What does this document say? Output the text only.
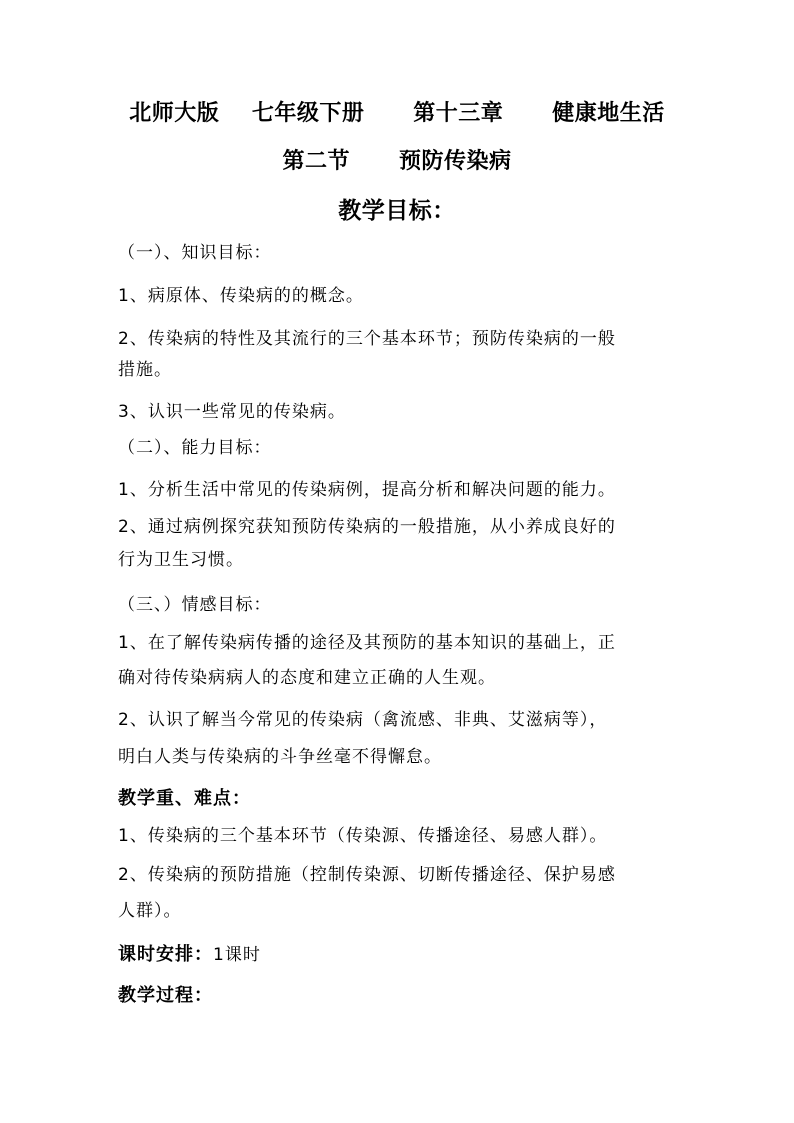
北师大版    七年级下册      第十三章      健康地生活
第二节      预防传染病
教学目标：
（一）、知识目标：
1、病原体、传染病的的概念。
2、传染病的特性及其流行的三个基本环节；预防传染病的一般
措施。
3、认识一些常见的传染病。
（二）、能力目标：
1、分析生活中常见的传染病例，提高分析和解决问题的能力。
2、通过病例探究获知预防传染病的一般措施，从小养成良好的
行为卫生习惯。
（三、）情感目标：
1、在了解传染病传播的途径及其预防的基本知识的基础上，正
确对待传染病病人的态度和建立正确的人生观。
2、认识了解当今常见的传染病（禽流感、非典、艾滋病等），
明白人类与传染病的斗争丝毫不得懈怠。
教学重、难点：
1、传染病的三个基本环节（传染源、传播途径、易感人群）。
2、传染病的预防措施（控制传染源、切断传播途径、保护易感
人群）。
课时安排：1课时
教学过程：
